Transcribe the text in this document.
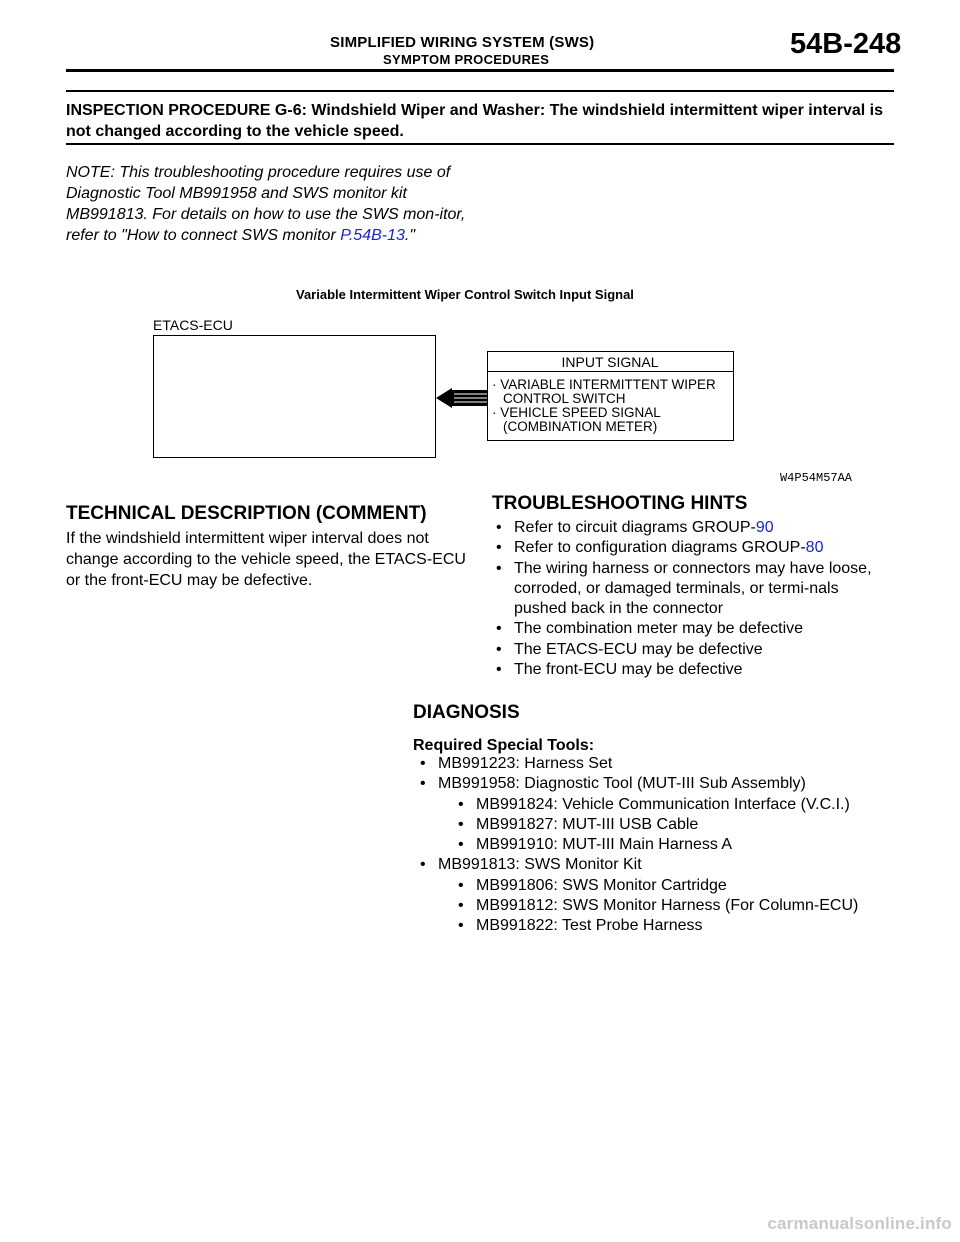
SIMPLIFIED WIRING SYSTEM (SWS)
SYMPTOM PROCEDURES	54B-248
INSPECTION PROCEDURE G-6: Windshield Wiper and Washer: The windshield intermittent wiper interval is not changed according to the vehicle speed.
NOTE: This troubleshooting procedure requires use of Diagnostic Tool MB991958 and SWS monitor kit MB991813. For details on how to use the SWS mon-itor, refer to "How to connect SWS monitor P.54B-13."
Variable Intermittent Wiper Control Switch Input Signal
ETACS-ECU
INPUT SIGNAL
· VARIABLE INTERMITTENT WIPER
CONTROL SWITCH
· VEHICLE SPEED SIGNAL
(COMBINATION METER)
W4P54M57AA
TECHNICAL DESCRIPTION (COMMENT)
If the windshield intermittent wiper interval does not change according to the vehicle speed, the ETACS-ECU or the front-ECU may be defective.
TROUBLESHOOTING HINTS
• Refer to circuit diagrams GROUP-90
• Refer to configuration diagrams GROUP-80
• The wiring harness or connectors may have loose, corroded, or damaged terminals, or termi-nals pushed back in the connector
• The combination meter may be defective
• The ETACS-ECU may be defective
• The front-ECU may be defective
DIAGNOSIS
Required Special Tools:
• MB991223: Harness Set
• MB991958: Diagnostic Tool (MUT-III Sub Assembly)
• MB991824: Vehicle Communication Interface (V.C.I.)
• MB991827: MUT-III USB Cable
• MB991910: MUT-III Main Harness A
• MB991813: SWS Monitor Kit
• MB991806: SWS Monitor Cartridge
• MB991812: SWS Monitor Harness (For Column-ECU)
• MB991822: Test Probe Harness
carmanualsonline.info
